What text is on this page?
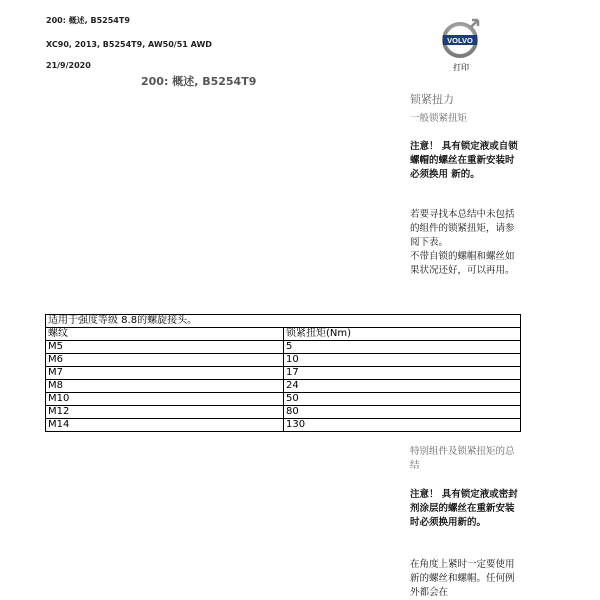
200: 概述, B5254T9
XC90, 2013, B5254T9, AW50/51 AWD
21/9/2020
VOLVO
打印
200: 概述, B5254T9
锁紧扭力
一般锁紧扭矩
注意！ 具有锁定液或自锁螺帽的螺丝在重新安装时必须换用 新的。
若要寻找本总结中未包括的组件的锁紧扭矩，请参阅下表。
不带自锁的螺帽和螺丝如果状况还好，可以再用。
适用于强度等级 8.8的螺旋接头。	
螺纹	锁紧扭矩(Nm)
M5	5
M6	10
M7	17
M8	24
M10	50
M12	80
M14	130
特别组件及锁紧扭矩的总结
注意！ 具有锁定液或密封剂涂层的螺丝在重新安装时必须换用新的。
在角度上紧时一定要使用 新的螺丝和螺帽。任何例外都会在
